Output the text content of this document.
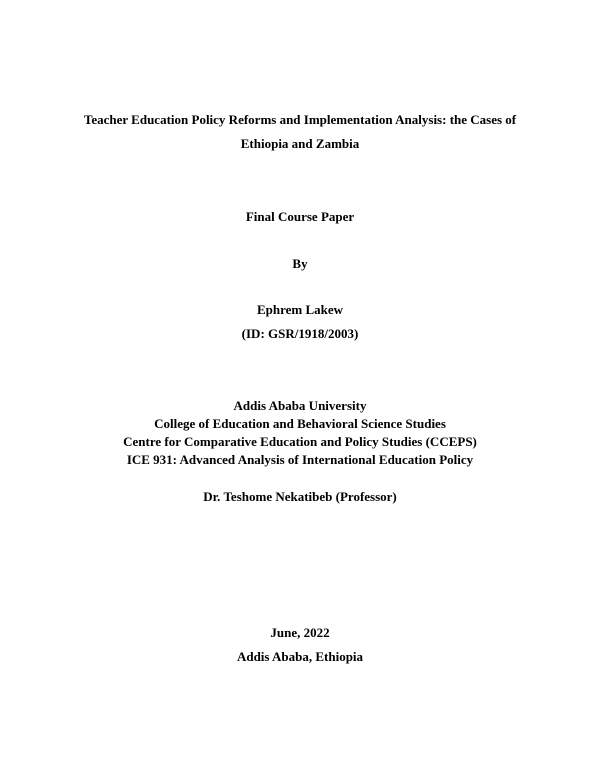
Teacher Education Policy Reforms and Implementation Analysis: the Cases of
Ethiopia and Zambia
Final Course Paper
By
Ephrem Lakew
(ID: GSR/1918/2003)
Addis Ababa University
College of Education and Behavioral Science Studies
Centre for Comparative Education and Policy Studies (CCEPS)
ICE 931: Advanced Analysis of International Education Policy
Dr. Teshome Nekatibeb (Professor)
June, 2022
Addis Ababa, Ethiopia
